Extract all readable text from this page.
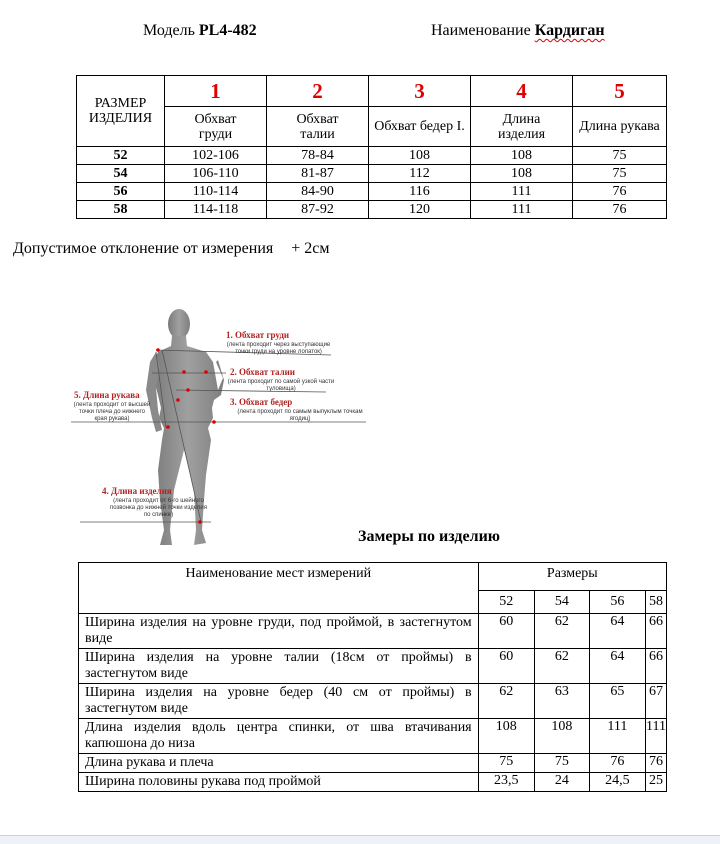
Модель PL4-482	Наименование Кардиган
РАЗМЕР ИЗДЕЛИЯ	1	2	3	4	5
	Обхват груди	Обхват талии	Обхват бедер I.	Длина изделия	Длина рукава
52	102-106	78-84	108	108	75
54	106-110	81-87	112	108	75
56	110-114	84-90	116	111	76
58	114-118	87-92	120	111	76
Допустимое отклонение от измерения + 2см
1. Обхват груди
(лента проходит через выступающие точки груди на уровне лопаток)
2. Обхват талии
(лента проходит по самой узкой части туловища)
3. Обхват бедер
(лента проходит по самым выпуклым точкам ягодиц)
5. Длина рукава
(лента проходит от высшей точки плеча до нижнего края рукава)
4. Длина изделия
(лента проходит от 6-го шейного позвонка до нижней точки изделия по спинке)
Замеры по изделию
Наименование мест измерений	Размеры			
	52	54	56	58
Ширина изделия на уровне груди, под проймой, в застегнутом виде	60	62	64	66
Ширина изделия на уровне талии (18см от проймы) в застегнутом виде	60	62	64	66
Ширина изделия на уровне бедер (40 см от проймы) в застегнутом виде	62	63	65	67
Длина изделия вдоль центра спинки, от шва втачивания капюшона до низа	108	108	111	111
Длина рукава и плеча	75	75	76	76
Ширина половины рукава под проймой	23,5	24	24,5	25
